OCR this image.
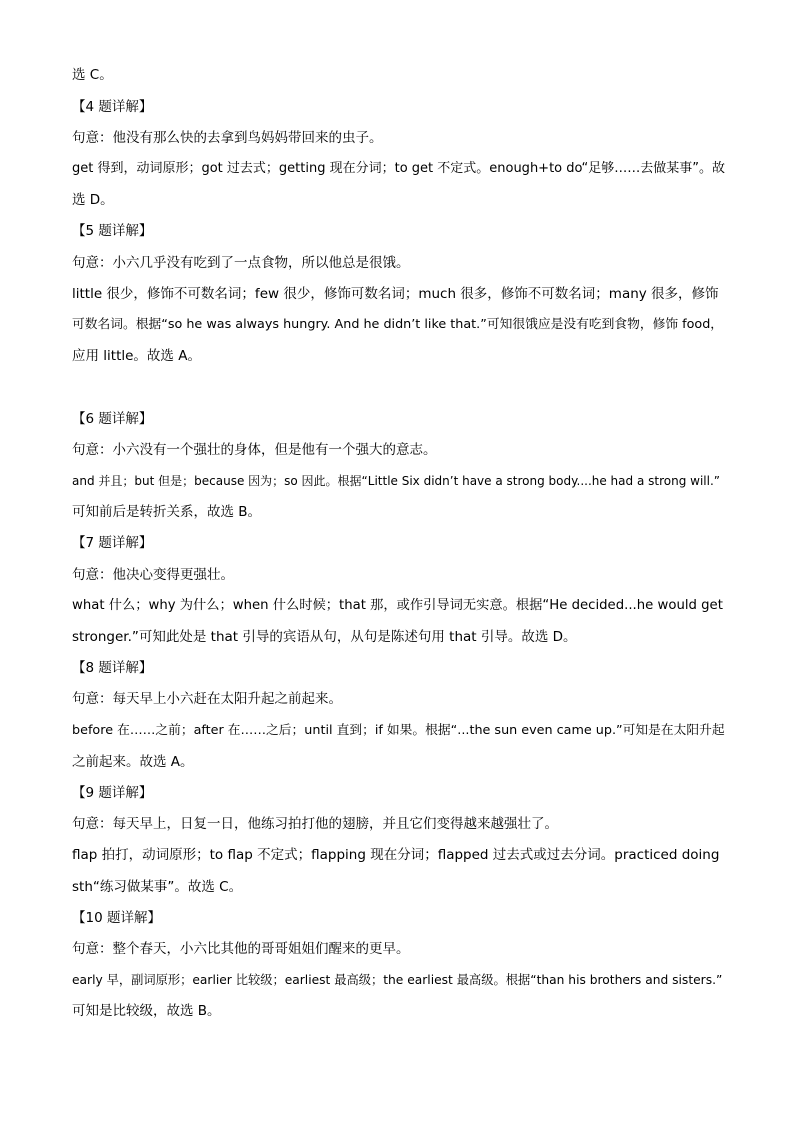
选 C。
【4 题详解】
句意：他没有那么快的去拿到鸟妈妈带回来的虫子。
get 得到，动词原形；got 过去式；getting 现在分词；to get 不定式。enough+to do“足够……去做某事”。故
选 D。
【5 题详解】
句意：小六几乎没有吃到了一点食物，所以他总是很饿。
little 很少，修饰不可数名词；few 很少，修饰可数名词；much 很多，修饰不可数名词；many 很多，修饰
可数名词。根据“so he was always hungry. And he didn’t like that.”可知很饿应是没有吃到食物，修饰 food，
应用 little。故选 A。
【6 题详解】
句意：小六没有一个强壮的身体，但是他有一个强大的意志。
and 并且；but 但是；because 因为；so 因此。根据“Little Six didn’t have a strong body....he had a strong will.”
可知前后是转折关系，故选 B。
【7 题详解】
句意：他决心变得更强壮。
what 什么；why 为什么；when 什么时候；that 那，或作引导词无实意。根据“He decided...he would get
stronger.”可知此处是 that 引导的宾语从句，从句是陈述句用 that 引导。故选 D。
【8 题详解】
句意：每天早上小六赶在太阳升起之前起来。
before 在……之前；after 在……之后；until 直到；if 如果。根据“...the sun even came up.”可知是在太阳升起
之前起来。故选 A。
【9 题详解】
句意：每天早上，日复一日，他练习拍打他的翅膀，并且它们变得越来越强壮了。
flap 拍打，动词原形；to flap 不定式；flapping 现在分词；flapped 过去式或过去分词。practiced doing
sth“练习做某事”。故选 C。
【10 题详解】
句意：整个春天，小六比其他的哥哥姐姐们醒来的更早。
early 早，副词原形；earlier 比较级；earliest 最高级；the earliest 最高级。根据“than his brothers and sisters.”
可知是比较级，故选 B。
